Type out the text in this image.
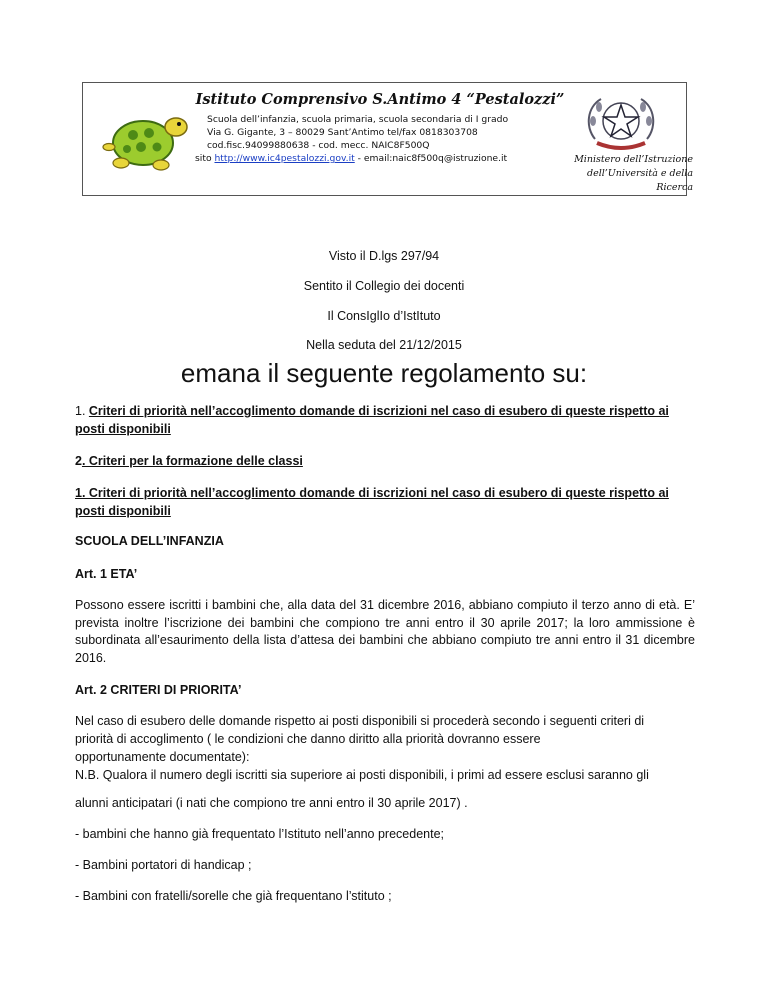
Istituto Comprensivo S.Antimo 4 “Pestalozzi”
Scuola dell’infanzia, scuola primaria, scuola secondaria di I grado
Via G. Gigante, 3 – 80029 Sant’Antimo tel/fax 0818303708
cod.fisc.94099880638 - cod. mecc. NAIC8F500Q
sito http://www.ic4pestalozzi.gov.it - email:naic8f500q@istruzione.it	Ministero dell’Istruzione
dell’Università e della Ricerca
Visto il D.lgs 297/94
Sentito il Collegio dei docenti
Il ConsIglIo d’IstItuto
emana il seguente regolamento su:
Nella seduta del 21/12/2015
1. Criteri di priorità nell’accoglimento domande di iscrizioni nel caso di esubero di queste rispetto ai posti disponibili
2. Criteri per la formazione delle classi
1. Criteri di priorità nell’accoglimento domande di iscrizioni nel caso di esubero di queste rispetto ai posti disponibili
SCUOLA DELL’INFANZIA
Art. 1 ETA’
Possono essere iscritti i bambini che, alla data del 31 dicembre 2016, abbiano compiuto il terzo anno di età. E’ prevista inoltre l’iscrizione dei bambini che compiono tre anni entro il 30 aprile 2017; la loro ammissione è subordinata all’esaurimento della lista d’attesa dei bambini che abbiano compiuto tre anni entro il 31 dicembre 2016.
Art. 2 CRITERI DI PRIORITA’
Nel caso di esubero delle domande rispetto ai posti disponibili si procederà secondo i seguenti criteri di
priorità di accoglimento ( le condizioni che danno diritto alla priorità dovranno essere
opportunamente documentate):
N.B. Qualora il numero degli iscritti sia superiore ai posti disponibili, i primi ad essere esclusi saranno gli
alunni anticipatari (i nati che compiono tre anni entro il 30 aprile 2017) .
- bambini che hanno già frequentato l’Istituto nell’anno precedente;
- Bambini portatori di handicap ;
- Bambini con fratelli/sorelle che già frequentano l’stituto ;
